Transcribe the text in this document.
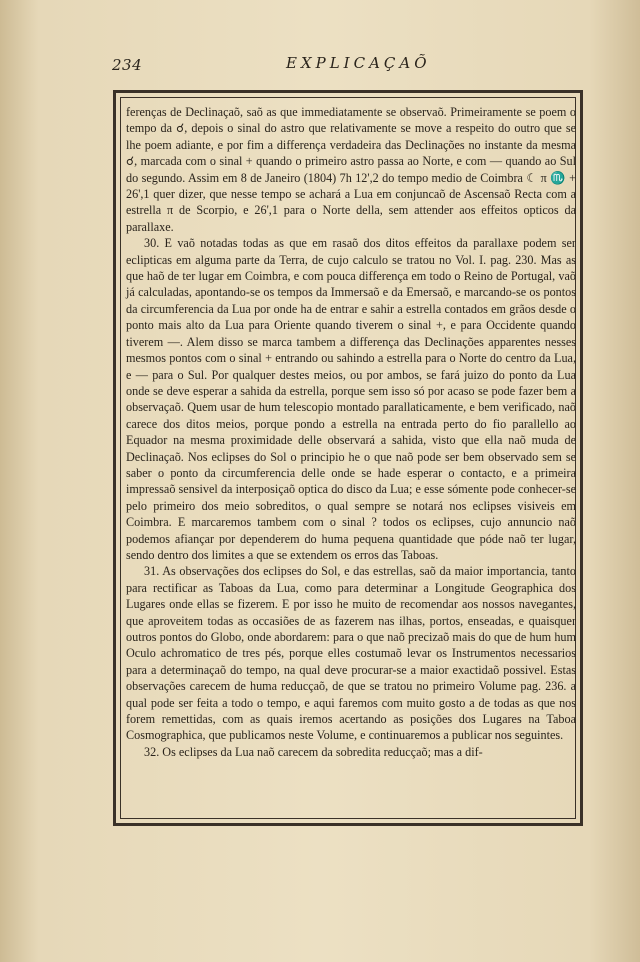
234	EXPLICAÇAÕ

ferenças de Declinaçaõ, saõ as que immediatamente se observaõ. Primeiramente se poem o tempo da ☌, depois o sinal do astro que relativamente se move a respeito do outro que se lhe poem adiante, e por fim a differença verdadeira das Declinações no instante da mesma ☌, marcada com o sinal + quando o primeiro astro passa ao Norte, e com — quando ao Sul do segundo. Assim em 8 de Janeiro (1804) 7h 12',2 do tempo medio de Coimbra ☾ π ♏ + 26',1 quer dizer, que nesse tempo se achará a Lua em conjuncaõ de Ascensaõ Recta com a estrella π de Scorpio, e 26',1 para o Norte della, sem attender aos effeitos opticos da parallaxe.

30. E vaõ notadas todas as que em rasaõ dos ditos effeitos da parallaxe podem ser eclipticas em alguma parte da Terra, de cujo calculo se tratou no Vol. I. pag. 230. Mas as que haõ de ter lugar em Coimbra, e com pouca differença em todo o Reino de Portugal, vaõ já calculadas, apontando-se os tempos da Immersaõ e da Emersaõ, e marcando-se os pontos da circumferencia da Lua por onde ha de entrar e sahir a estrella contados em grãos desde o ponto mais alto da Lua para Oriente quando tiverem o sinal +, e para Occidente quando tiverem —. Alem disso se marca tambem a differença das Declinações apparentes nesses mesmos pontos com o sinal + entrando ou sahindo a estrella para o Norte do centro da Lua, e — para o Sul. Por qualquer destes meios, ou por ambos, se fará juizo do ponto da Lua onde se deve esperar a sahida da estrella, porque sem isso só por acaso se pode fazer bem a observaçaõ. Quem usar de hum telescopio montado parallaticamente, e bem verificado, naõ carece dos ditos meios, porque pondo a estrella na entrada perto do fio parallello ao Equador na mesma proximidade delle observará a sahida, visto que ella naõ muda de Declinaçaõ. Nos eclipses do Sol o principio he o que naõ pode ser bem observado sem se saber o ponto da circumferencia delle onde se hade esperar o contacto, e a primeira impressaõ sensivel da interposiçaõ optica do disco da Lua; e esse sómente pode conhecer-se pelo primeiro dos meio sobreditos, o qual sempre se notará nos eclipses visiveis em Coimbra. E marcaremos tambem com o sinal ? todos os eclipses, cujo annuncio naõ podemos afiançar por dependerem do huma pequena quantidade que póde naõ ter lugar, sendo dentro dos limites a que se extendem os erros das Taboas.

31. As observações dos eclipses do Sol, e das estrellas, saõ da maior importancia, tanto para rectificar as Taboas da Lua, como para determinar a Longitude Geographica dos Lugares onde ellas se fizerem. E por isso he muito de recomendar aos nossos navegantes, que aproveitem todas as occasiões de as fazerem nas ilhas, portos, enseadas, e quaisquer outros pontos do Globo, onde abordarem: para o que naõ precizaõ mais do que de hum hum Oculo achromatico de tres pés, porque elles costumaõ levar os Instrumentos necessarios para a determinaçaõ do tempo, na qual deve procurar-se a maior exactidaõ possivel. Estas observações carecem de huma reducçaõ, de que se tratou no primeiro Volume pag. 236. a qual pode ser feita a todo o tempo, e aqui faremos com muito gosto a de todas as que nos forem remettidas, com as quais iremos acertando as posições dos Lugares na Taboa Cosmographica, que publicamos neste Volume, e continuaremos a publicar nos seguintes.

32. Os eclipses da Lua naõ carecem da sobredita reducçaõ; mas a dif-
